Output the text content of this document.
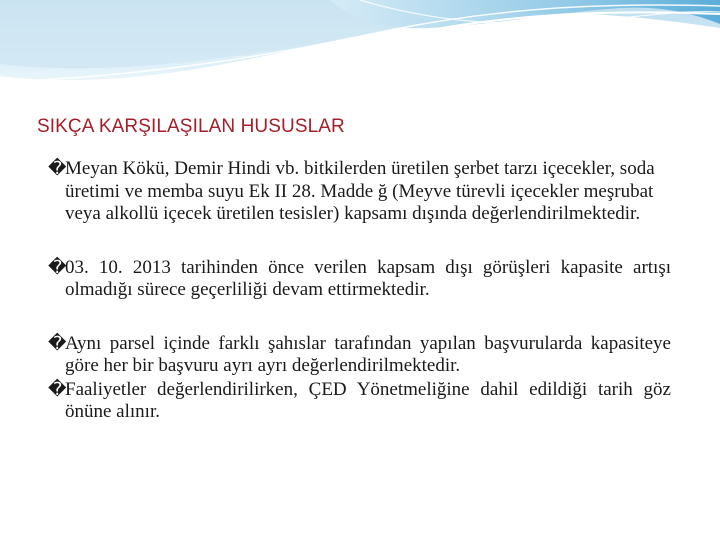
SIKÇA KARŞILAŞILAN HUSUSLAR

�Meyan Kökü, Demir Hindi vb. bitkilerden üretilen şerbet tarzı içecekler, soda üretimi ve memba suyu Ek II 28. Madde ğ (Meyve türevli içecekler meşrubat veya alkollü içecek üretilen tesisler) kapsamı dışında değerlendirilmektedir.

�03. 10. 2013 tarihinden önce verilen kapsam dışı görüşleri kapasite artışı olmadığı sürece geçerliliği devam ettirmektedir.

�Aynı parsel içinde farklı şahıslar tarafından yapılan başvurularda kapasiteye göre her bir başvuru ayrı ayrı değerlendirilmektedir.

�Faaliyetler değerlendirilirken, ÇED Yönetmeliğine dahil edildiği tarih göz önüne alınır.
